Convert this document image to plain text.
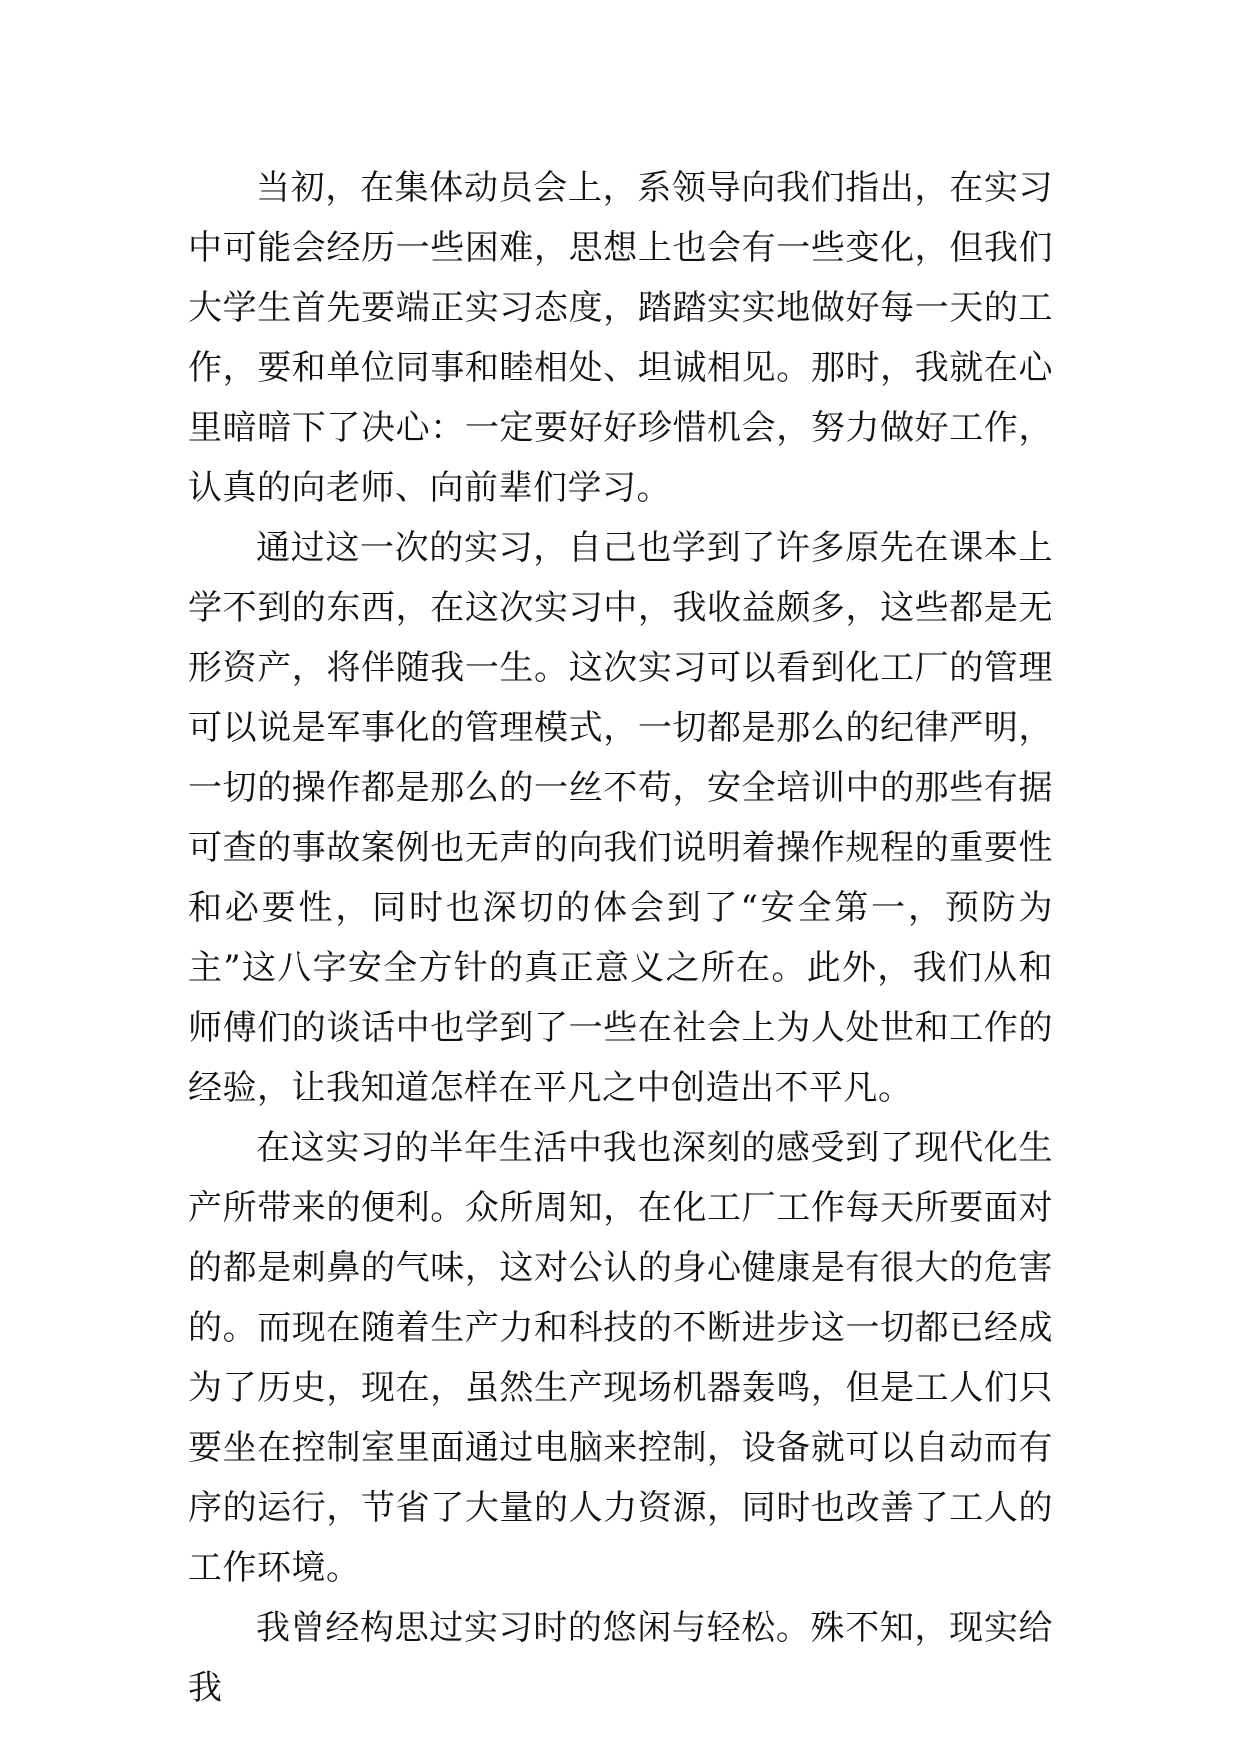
当初，在集体动员会上，系领导向我们指出，在实习中可能会经历一些困难，思想上也会有一些变化，但我们大学生首先要端正实习态度，踏踏实实地做好每一天的工作，要和单位同事和睦相处、坦诚相见。那时，我就在心里暗暗下了决心：一定要好好珍惜机会，努力做好工作，认真的向老师、向前辈们学习。

通过这一次的实习，自己也学到了许多原先在课本上学不到的东西，在这次实习中，我收益颇多，这些都是无形资产，将伴随我一生。这次实习可以看到化工厂的管理可以说是军事化的管理模式，一切都是那么的纪律严明，一切的操作都是那么的一丝不苟，安全培训中的那些有据可查的事故案例也无声的向我们说明着操作规程的重要性和必要性，同时也深切的体会到了“安全第一，预防为主”这八字安全方针的真正意义之所在。此外，我们从和师傅们的谈话中也学到了一些在社会上为人处世和工作的经验，让我知道怎样在平凡之中创造出不平凡。

在这实习的半年生活中我也深刻的感受到了现代化生产所带来的便利。众所周知，在化工厂工作每天所要面对的都是刺鼻的气味，这对公认的身心健康是有很大的危害的。而现在随着生产力和科技的不断进步这一切都已经成为了历史，现在，虽然生产现场机器轰鸣，但是工人们只要坐在控制室里面通过电脑来控制，设备就可以自动而有序的运行，节省了大量的人力资源，同时也改善了工人的工作环境。

我曾经构思过实习时的悠闲与轻松。殊不知，现实给我
